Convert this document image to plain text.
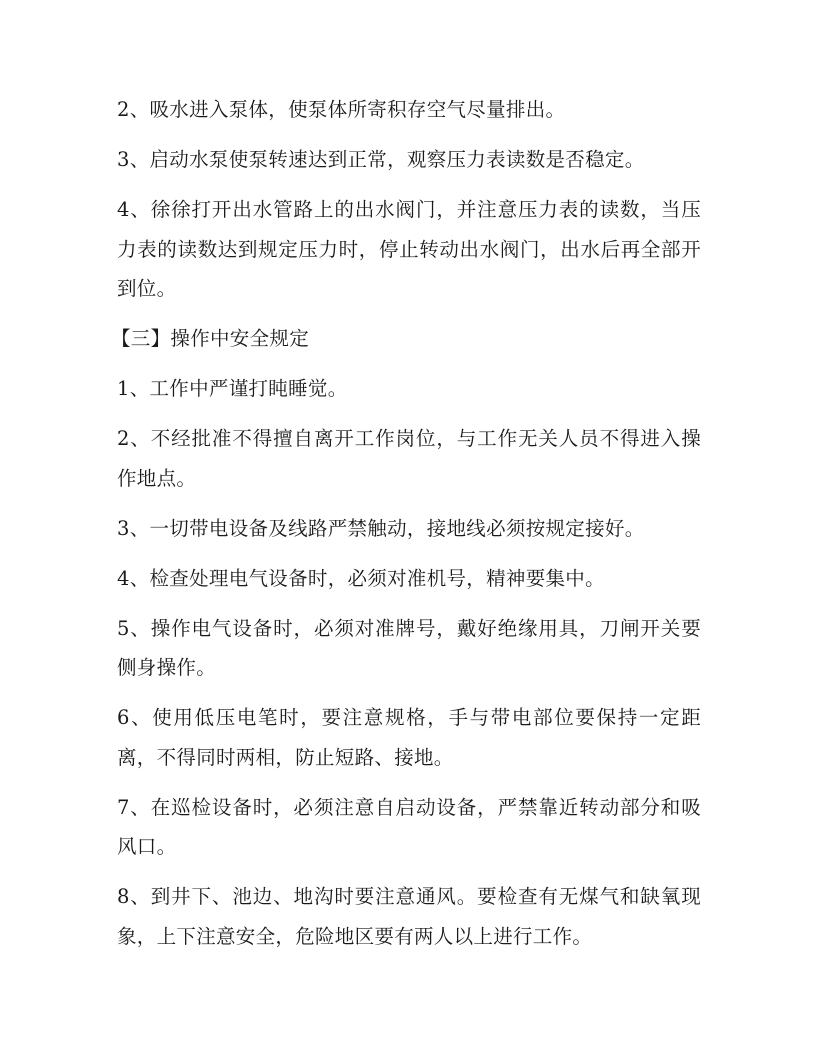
2、吸水进入泵体，使泵体所寄积存空气尽量排出。

3、启动水泵使泵转速达到正常，观察压力表读数是否稳定。

4、徐徐打开出水管路上的出水阀门，并注意压力表的读数，当压力表的读数达到规定压力时，停止转动出水阀门，出水后再全部开到位。

【三】操作中安全规定

1、工作中严谨打盹睡觉。

2、不经批准不得擅自离开工作岗位，与工作无关人员不得进入操作地点。

3、一切带电设备及线路严禁触动，接地线必须按规定接好。

4、检查处理电气设备时，必须对准机号，精神要集中。

5、操作电气设备时，必须对准牌号，戴好绝缘用具，刀闸开关要侧身操作。

6、使用低压电笔时，要注意规格，手与带电部位要保持一定距离，不得同时两相，防止短路、接地。

7、在巡检设备时，必须注意自启动设备，严禁靠近转动部分和吸风口。

8、到井下、池边、地沟时要注意通风。要检查有无煤气和缺氧现象，上下注意安全，危险地区要有两人以上进行工作。
